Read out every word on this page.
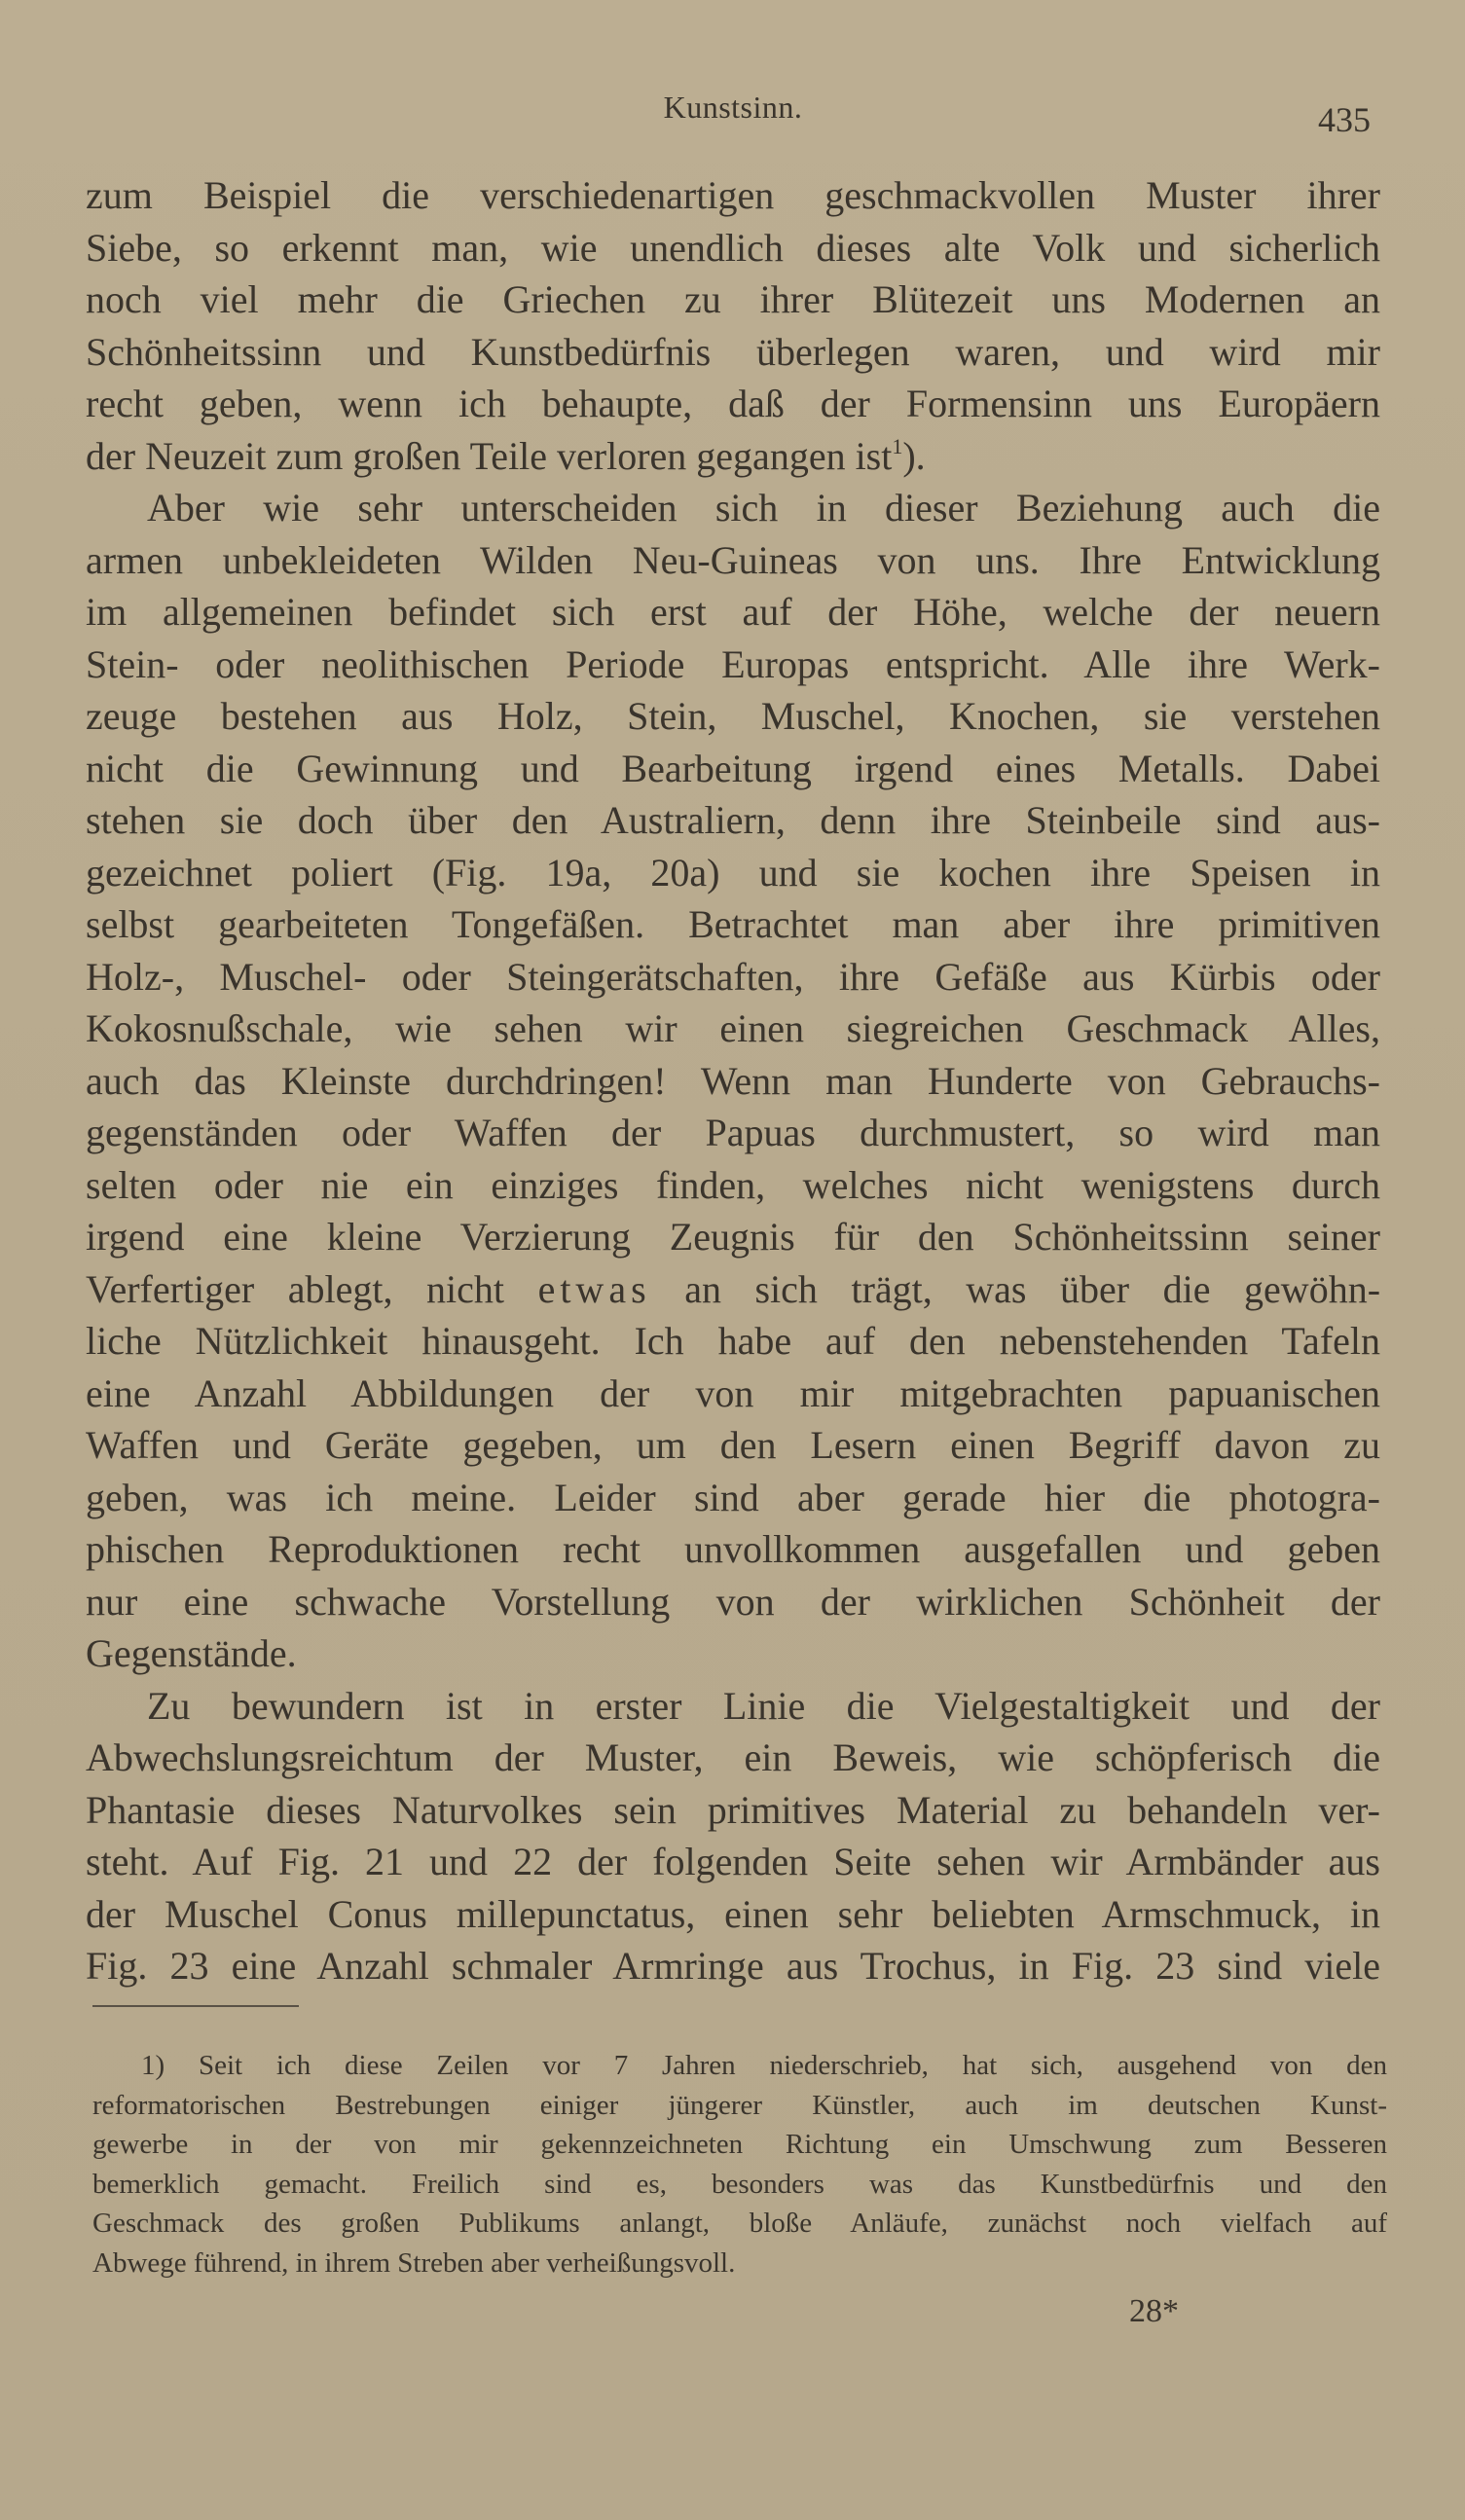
Kunstsinn.	435
zum Beispiel die verschiedenartigen geschmackvollen Muster ihrer
Siebe, so erkennt man, wie unendlich dieses alte Volk und sicherlich
noch viel mehr die Griechen zu ihrer Blütezeit uns Modernen an
Schönheitssinn und Kunstbedürfnis überlegen waren, und wird mir
recht geben, wenn ich behaupte, daß der Formensinn uns Europäern
der Neuzeit zum großen Teile verloren gegangen ist$^1$).
Aber wie sehr unterscheiden sich in dieser Beziehung auch die
armen unbekleideten Wilden Neu-Guineas von uns. Ihre Entwicklung
im allgemeinen befindet sich erst auf der Höhe, welche der neuern
Stein- oder neolithischen Periode Europas entspricht. Alle ihre Werk-
zeuge bestehen aus Holz, Stein, Muschel, Knochen, sie verstehen
nicht die Gewinnung und Bearbeitung irgend eines Metalls. Dabei
stehen sie doch über den Australiern, denn ihre Steinbeile sind aus-
gezeichnet poliert (Fig. 19a, 20a) und sie kochen ihre Speisen in
selbst gearbeiteten Tongefäßen. Betrachtet man aber ihre primitiven
Holz-, Muschel- oder Steingerätschaften, ihre Gefäße aus Kürbis oder
Kokosnußschale, wie sehen wir einen siegreichen Geschmack Alles,
auch das Kleinste durchdringen! Wenn man Hunderte von Gebrauchs-
gegenständen oder Waffen der Papuas durchmustert, so wird man
selten oder nie ein einziges finden, welches nicht wenigstens durch
irgend eine kleine Verzierung Zeugnis für den Schönheitssinn seiner
Verfertiger ablegt, nicht etwas an sich trägt, was über die gewöhn-
liche Nützlichkeit hinausgeht. Ich habe auf den nebenstehenden Tafeln
eine Anzahl Abbildungen der von mir mitgebrachten papuanischen
Waffen und Geräte gegeben, um den Lesern einen Begriff davon zu
geben, was ich meine. Leider sind aber gerade hier die photogra-
phischen Reproduktionen recht unvollkommen ausgefallen und geben
nur eine schwache Vorstellung von der wirklichen Schönheit der
Gegenstände.
Zu bewundern ist in erster Linie die Vielgestaltigkeit und der
Abwechslungsreichtum der Muster, ein Beweis, wie schöpferisch die
Phantasie dieses Naturvolkes sein primitives Material zu behandeln ver-
steht. Auf Fig. 21 und 22 der folgenden Seite sehen wir Armbänder aus
der Muschel Conus millepunctatus, einen sehr beliebten Armschmuck, in
Fig. 23 eine Anzahl schmaler Armringe aus Trochus, in Fig. 23 sind viele
1) Seit ich diese Zeilen vor 7 Jahren niederschrieb, hat sich, ausgehend von den
reformatorischen Bestrebungen einiger jüngerer Künstler, auch im deutschen Kunst-
gewerbe in der von mir gekennzeichneten Richtung ein Umschwung zum Besseren
bemerklich gemacht. Freilich sind es, besonders was das Kunstbedürfnis und den
Geschmack des großen Publikums anlangt, bloße Anläufe, zunächst noch vielfach auf
Abwege führend, in ihrem Streben aber verheißungsvoll.
28*
